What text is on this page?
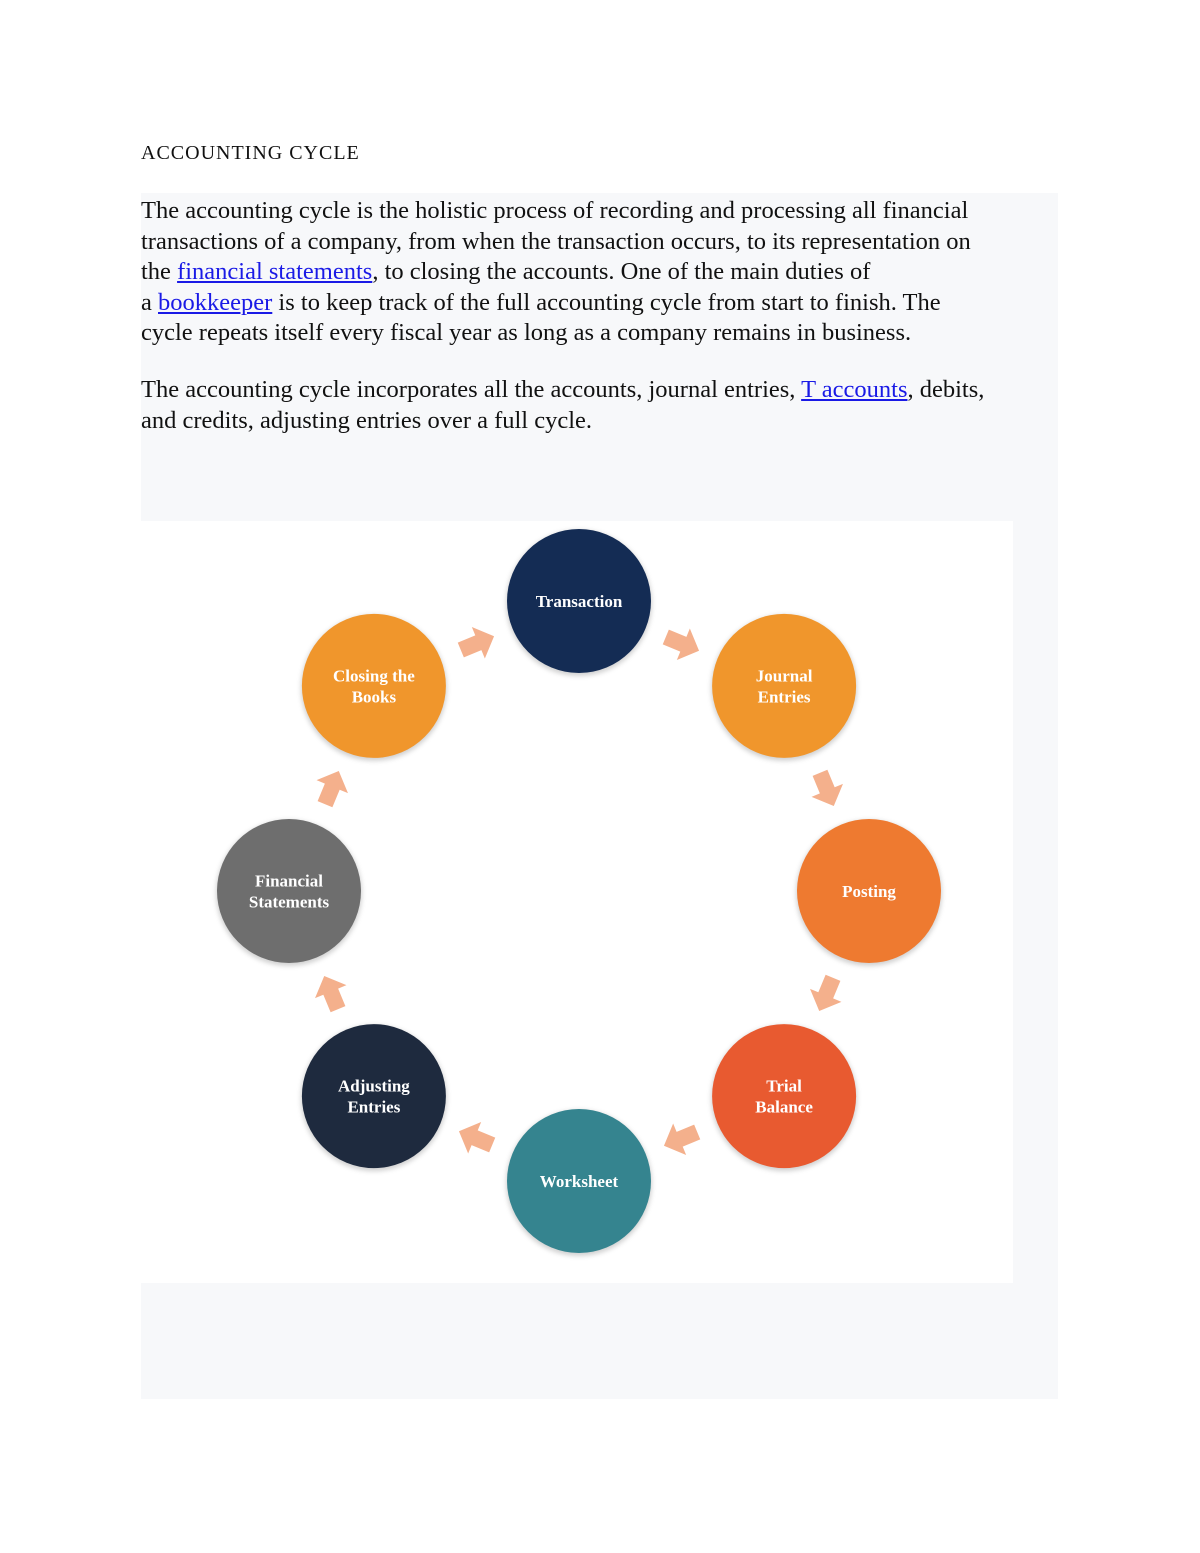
ACCOUNTING CYCLE

The accounting cycle is the holistic process of recording and processing all financial
transactions of a company, from when the transaction occurs, to its representation on
the financial statements, to closing the accounts. One of the main duties of
a bookkeeper is to keep track of the full accounting cycle from start to finish. The
cycle repeats itself every fiscal year as long as a company remains in business.

The accounting cycle incorporates all the accounts, journal entries, T accounts, debits,
and credits, adjusting entries over a full cycle.

Transaction
Journal
Entries
Posting
Trial
Balance
Worksheet
Adjusting
Entries
Financial
Statements
Closing the
Books
